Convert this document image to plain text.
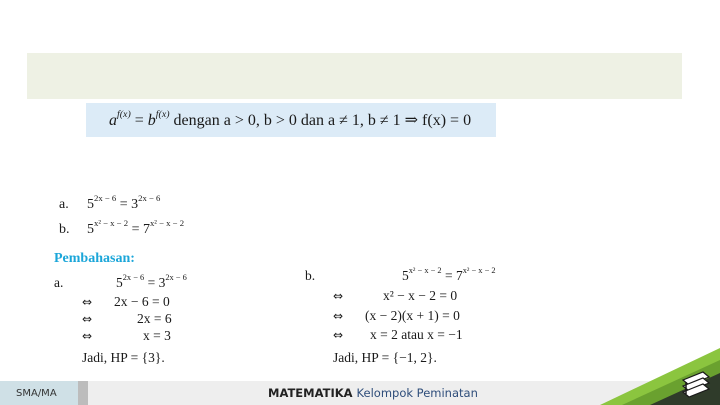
$a^{f(x)} = b^{f(x)}$ dengan a > 0, b > 0 dan a ≠ 1, b ≠ 1 ⇒ f(x) = 0
a.	$5^{2x - 6} = 3^{2x - 6}$
b.	$5^{x^2 - x - 2} = 7^{x^2 - x - 2}$
Pembahasan:
a.	$5^{2x - 6} = 3^{2x - 6}$
⇔ 2x − 6 = 0
⇔	2x = 6
⇔	x = 3
Jadi, HP = {3}.
b.	$5^{x^2 - x - 2} = 7^{x^2 - x - 2}$
⇔	x² − x − 2 = 0
⇔ (x − 2)(x + 1) = 0
⇔ x = 2 atau x = −1
Jadi, HP = {−1, 2}.
SMA/MA	MATEMATIKA Kelompok Peminatan
